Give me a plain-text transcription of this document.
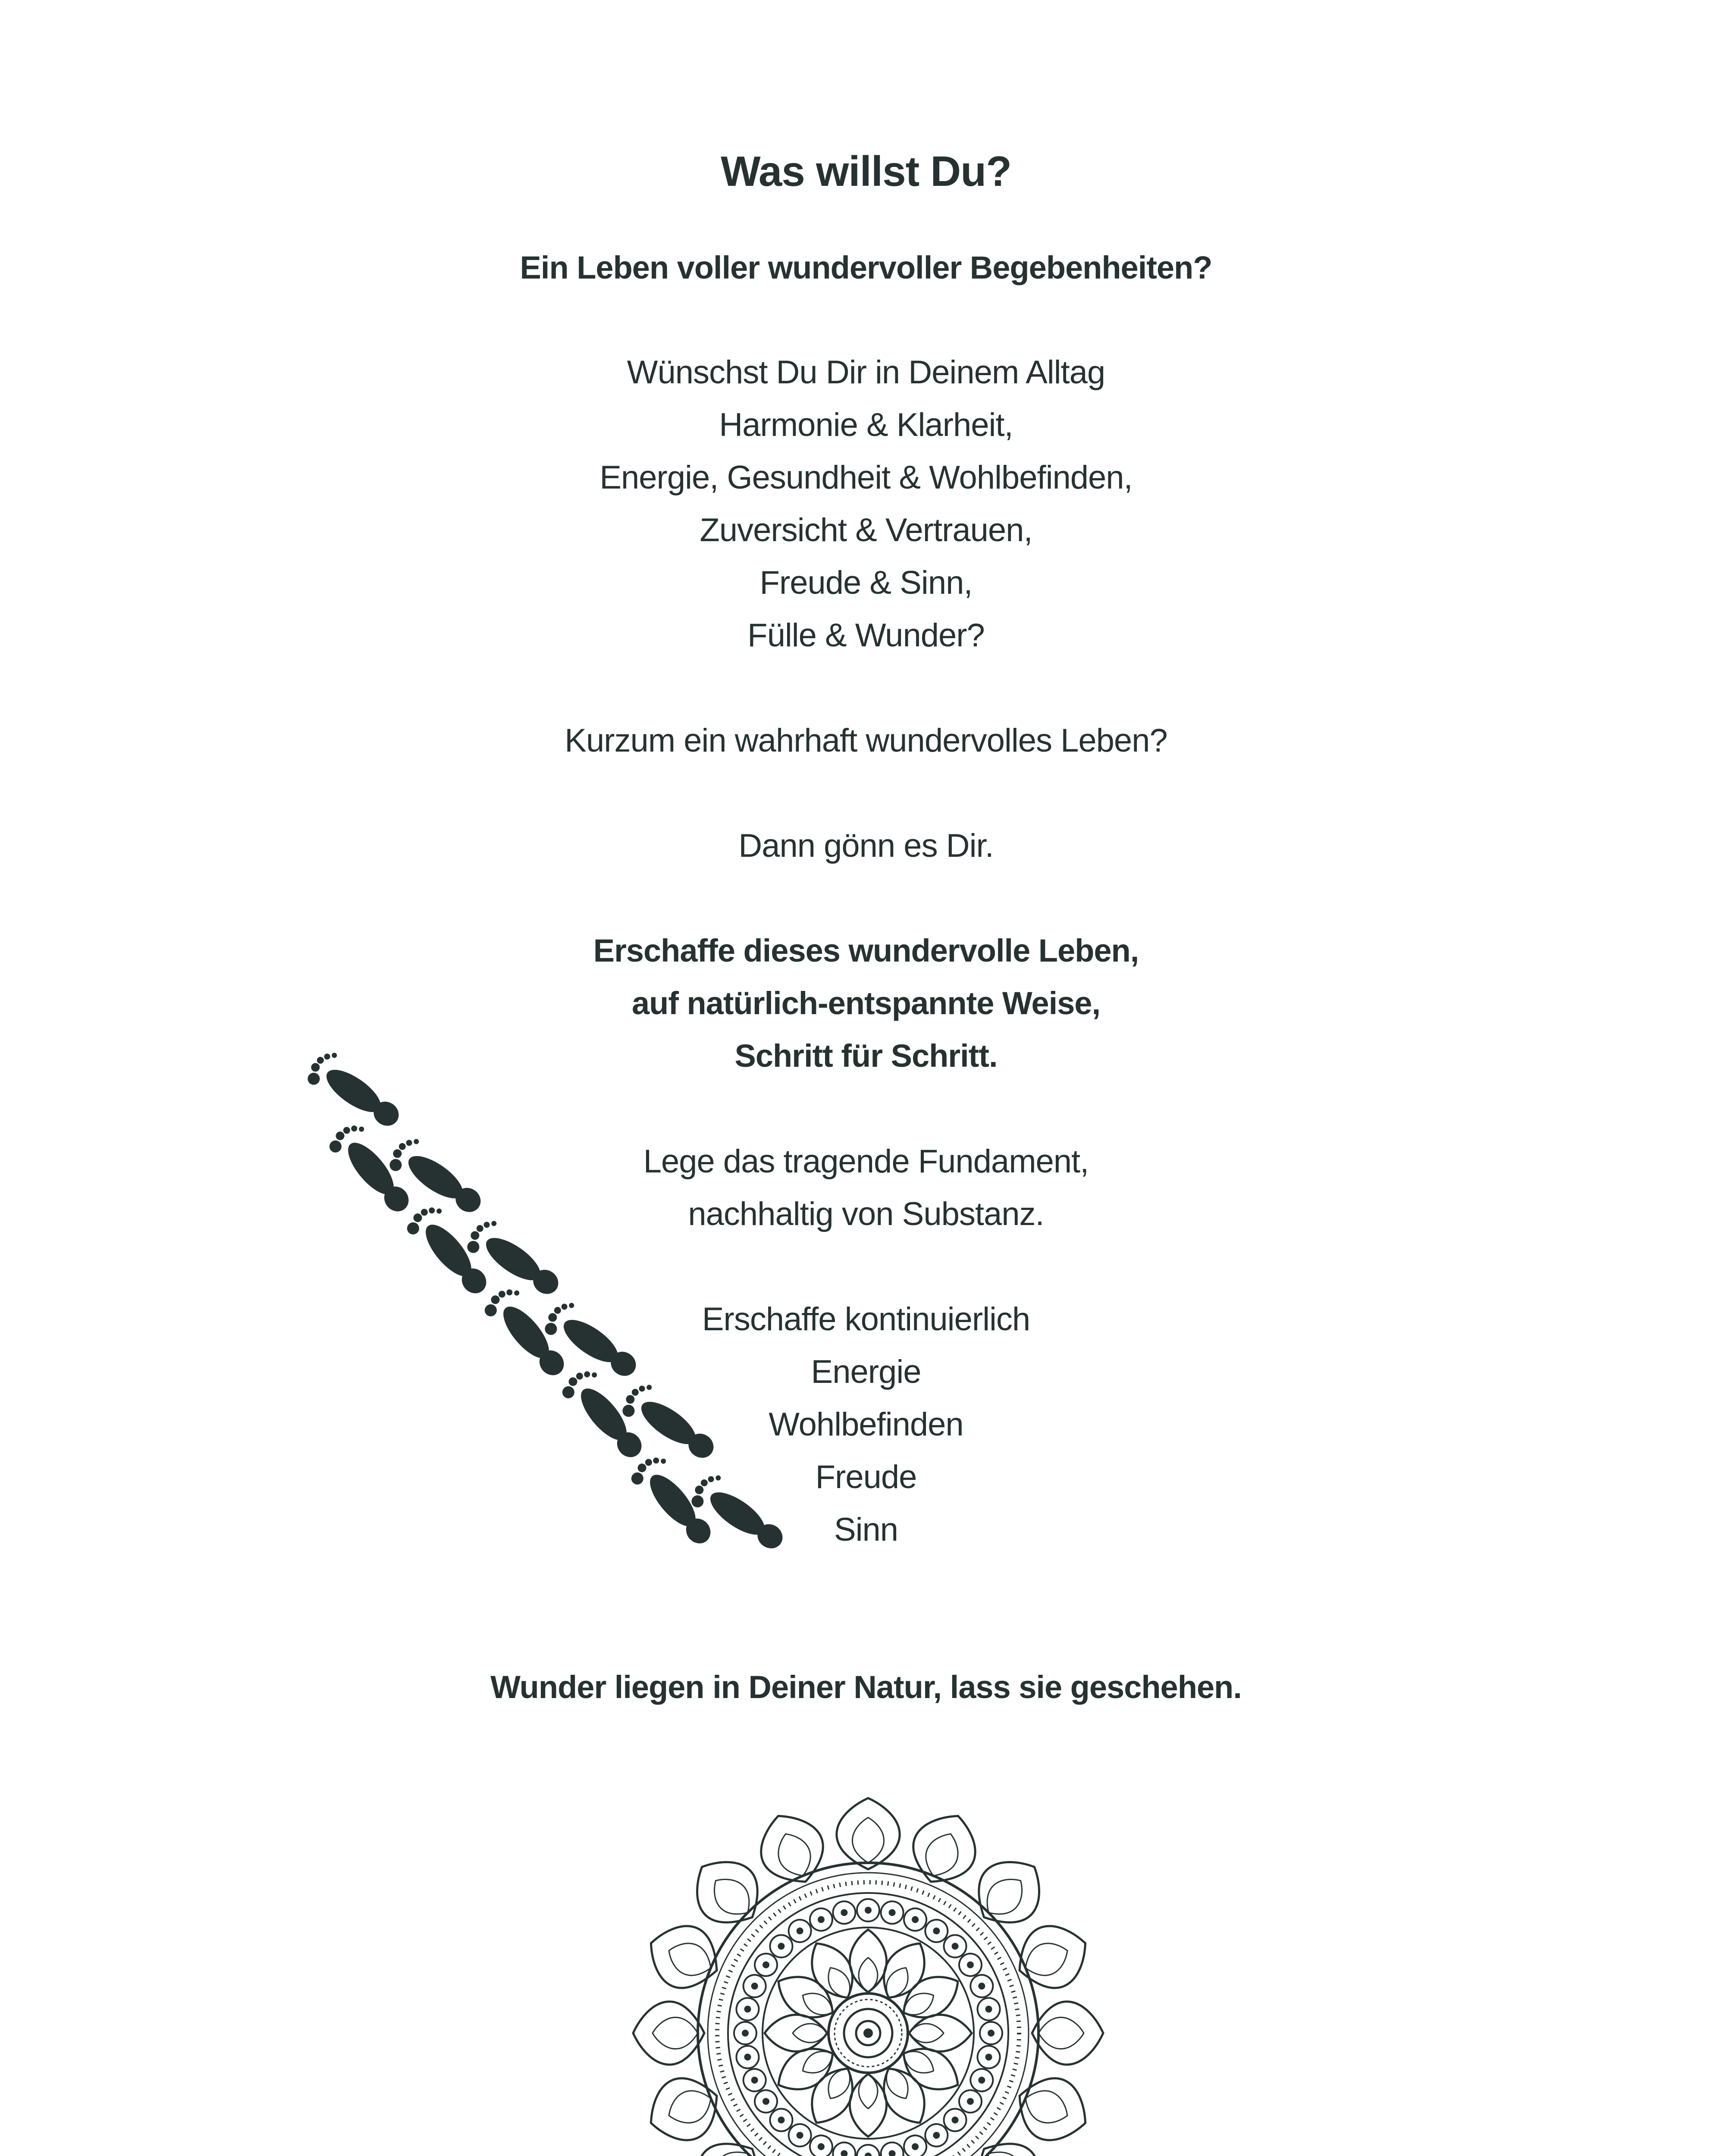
Was willst Du?
Ein Leben voller wundervoller Begebenheiten?
Wünschst Du Dir in Deinem Alltag
Harmonie & Klarheit,
Energie, Gesundheit & Wohlbefinden,
Zuversicht & Vertrauen,
Freude & Sinn,
Fülle & Wunder?
Kurzum ein wahrhaft wundervolles Leben?
Dann gönn es Dir.
Erschaffe dieses wundervolle Leben,
auf natürlich-entspannte Weise,
Schritt für Schritt.
Lege das tragende Fundament,
nachhaltig von Substanz.
Erschaffe kontinuierlich
Energie
Wohlbefinden
Freude
Sinn
Wunder liegen in Deiner Natur, lass sie geschehen.
